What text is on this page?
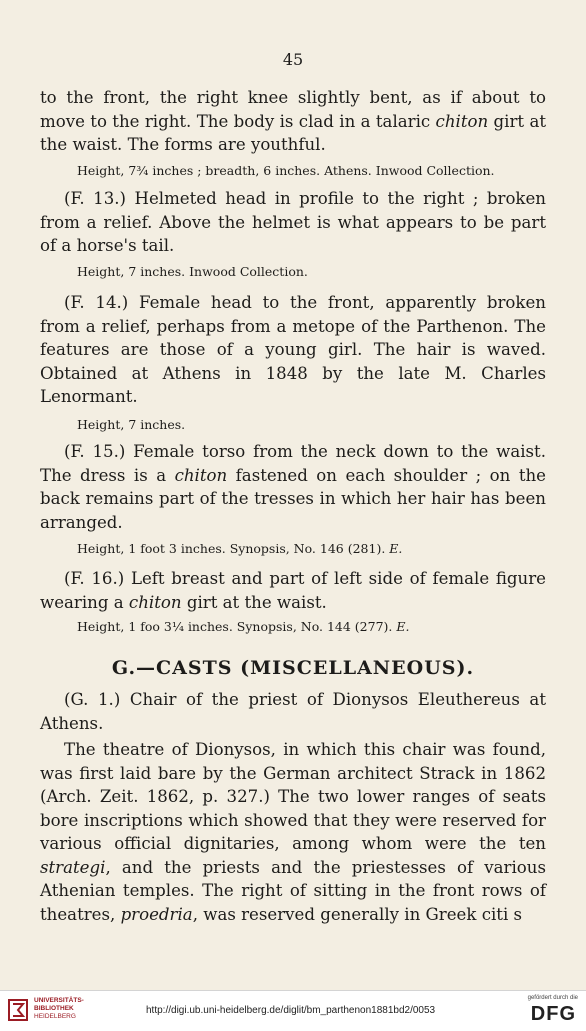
45
to the front, the right knee slightly bent, as if about to move to the right. The body is clad in a talaric chiton girt at the waist. The forms are youthful.
Height, 7¾ inches ; breadth, 6 inches. Athens. Inwood Collection.
(F. 13.) Helmeted head in profile to the right ; broken from a relief. Above the helmet is what appears to be part of a horse's tail.
Height, 7 inches. Inwood Collection.
(F. 14.) Female head to the front, apparently broken from a relief, perhaps from a metope of the Parthenon. The features are those of a young girl. The hair is waved. Obtained at Athens in 1848 by the late M. Charles Lenormant.
Height, 7 inches.
(F. 15.) Female torso from the neck down to the waist. The dress is a chiton fastened on each shoulder ; on the back remains part of the tresses in which her hair has been arranged.
Height, 1 foot 3 inches. Synopsis, No. 146 (281). E.
(F. 16.) Left breast and part of left side of female figure wearing a chiton girt at the waist.
Height, 1 foo 3¼ inches. Synopsis, No. 144 (277). E.
G.—CASTS (MISCELLANEOUS).
(G. 1.) Chair of the priest of Dionysos Eleuthereus at Athens.
The theatre of Dionysos, in which this chair was found, was first laid bare by the German architect Strack in 1862 (Arch. Zeit. 1862, p. 327.) The two lower ranges of seats bore inscriptions which showed that they were reserved for various official dignitaries, among whom were the ten strategi, and the priests and the priestesses of various Athenian temples. The right of sitting in the front rows of theatres, proedria, was reserved generally in Greek citi s
UNIVERSITÄTS-
BIBLIOTHEK
HEIDELBERG
http://digi.ub.uni-heidelberg.de/diglit/bm_parthenon1881bd2/0053
gefördert durch die
DFG
